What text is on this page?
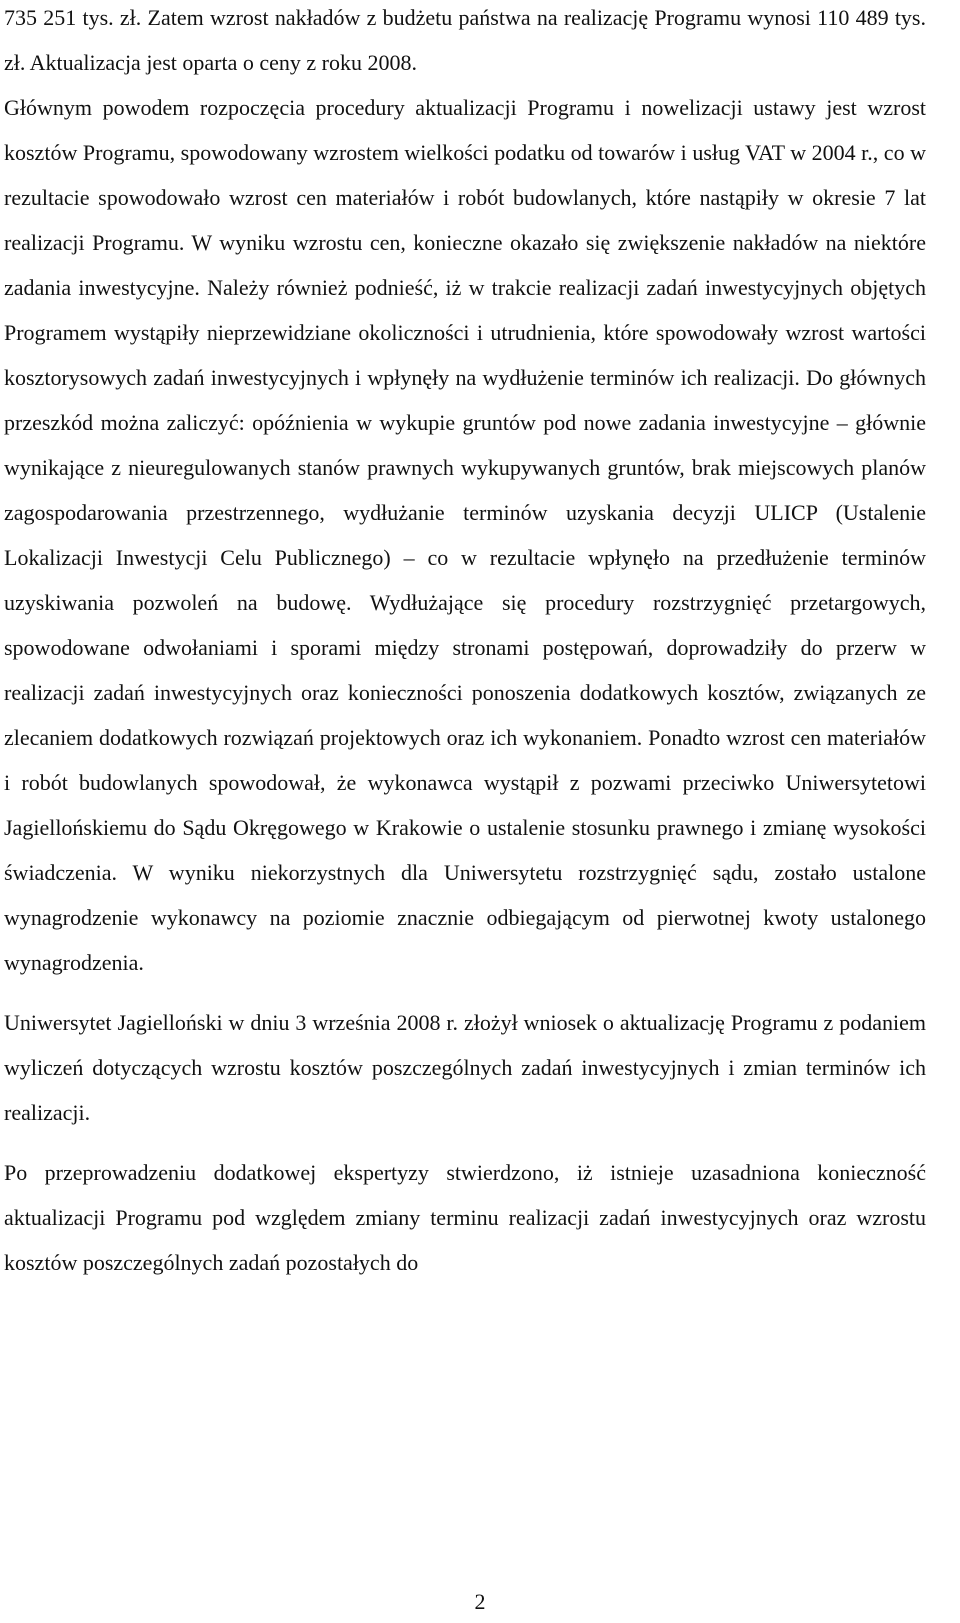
735 251 tys. zł. Zatem wzrost nakładów z budżetu państwa na realizację Programu wynosi 110 489 tys. zł. Aktualizacja jest oparta o ceny z roku 2008.

Głównym powodem rozpoczęcia procedury aktualizacji Programu i nowelizacji ustawy jest wzrost kosztów Programu, spowodowany wzrostem wielkości podatku od towarów i usług VAT w 2004 r., co w rezultacie spowodowało wzrost cen materiałów i robót budowlanych, które nastąpiły w okresie 7 lat realizacji Programu. W wyniku wzrostu cen, konieczne okazało się zwiększenie nakładów na niektóre zadania inwestycyjne. Należy również podnieść, iż w trakcie realizacji zadań inwestycyjnych objętych Programem wystąpiły nieprzewidziane okoliczności i utrudnienia, które spowodowały wzrost wartości kosztorysowych zadań inwestycyjnych i wpłynęły na wydłużenie terminów ich realizacji. Do głównych przeszkód można zaliczyć: opóźnienia w wykupie gruntów pod nowe zadania inwestycyjne – głównie wynikające z nieuregulowanych stanów prawnych wykupywanych gruntów, brak miejscowych planów zagospodarowania przestrzennego, wydłużanie terminów uzyskania decyzji ULICP (Ustalenie Lokalizacji Inwestycji Celu Publicznego) – co w rezultacie wpłynęło na przedłużenie terminów uzyskiwania pozwoleń na budowę. Wydłużające się procedury rozstrzygnięć przetargowych, spowodowane odwołaniami i sporami między stronami postępowań, doprowadziły do przerw w realizacji zadań inwestycyjnych oraz konieczności ponoszenia dodatkowych kosztów, związanych ze zlecaniem dodatkowych rozwiązań projektowych oraz ich wykonaniem. Ponadto wzrost cen materiałów i robót budowlanych spowodował, że wykonawca wystąpił z pozwami przeciwko Uniwersytetowi Jagiellońskiemu do Sądu Okręgowego w Krakowie o ustalenie stosunku prawnego i zmianę wysokości świadczenia. W wyniku niekorzystnych dla Uniwersytetu rozstrzygnięć sądu, zostało ustalone wynagrodzenie wykonawcy na poziomie znacznie odbiegającym od pierwotnej kwoty ustalonego wynagrodzenia.

Uniwersytet Jagielloński w dniu 3 września 2008 r. złożył wniosek o aktualizację Programu z podaniem wyliczeń dotyczących wzrostu kosztów poszczególnych zadań inwestycyjnych i zmian terminów ich realizacji.

Po przeprowadzeniu dodatkowej ekspertyzy stwierdzono, iż istnieje uzasadniona konieczność aktualizacji Programu pod względem zmiany terminu realizacji zadań inwestycyjnych oraz wzrostu kosztów poszczególnych zadań pozostałych do

2
